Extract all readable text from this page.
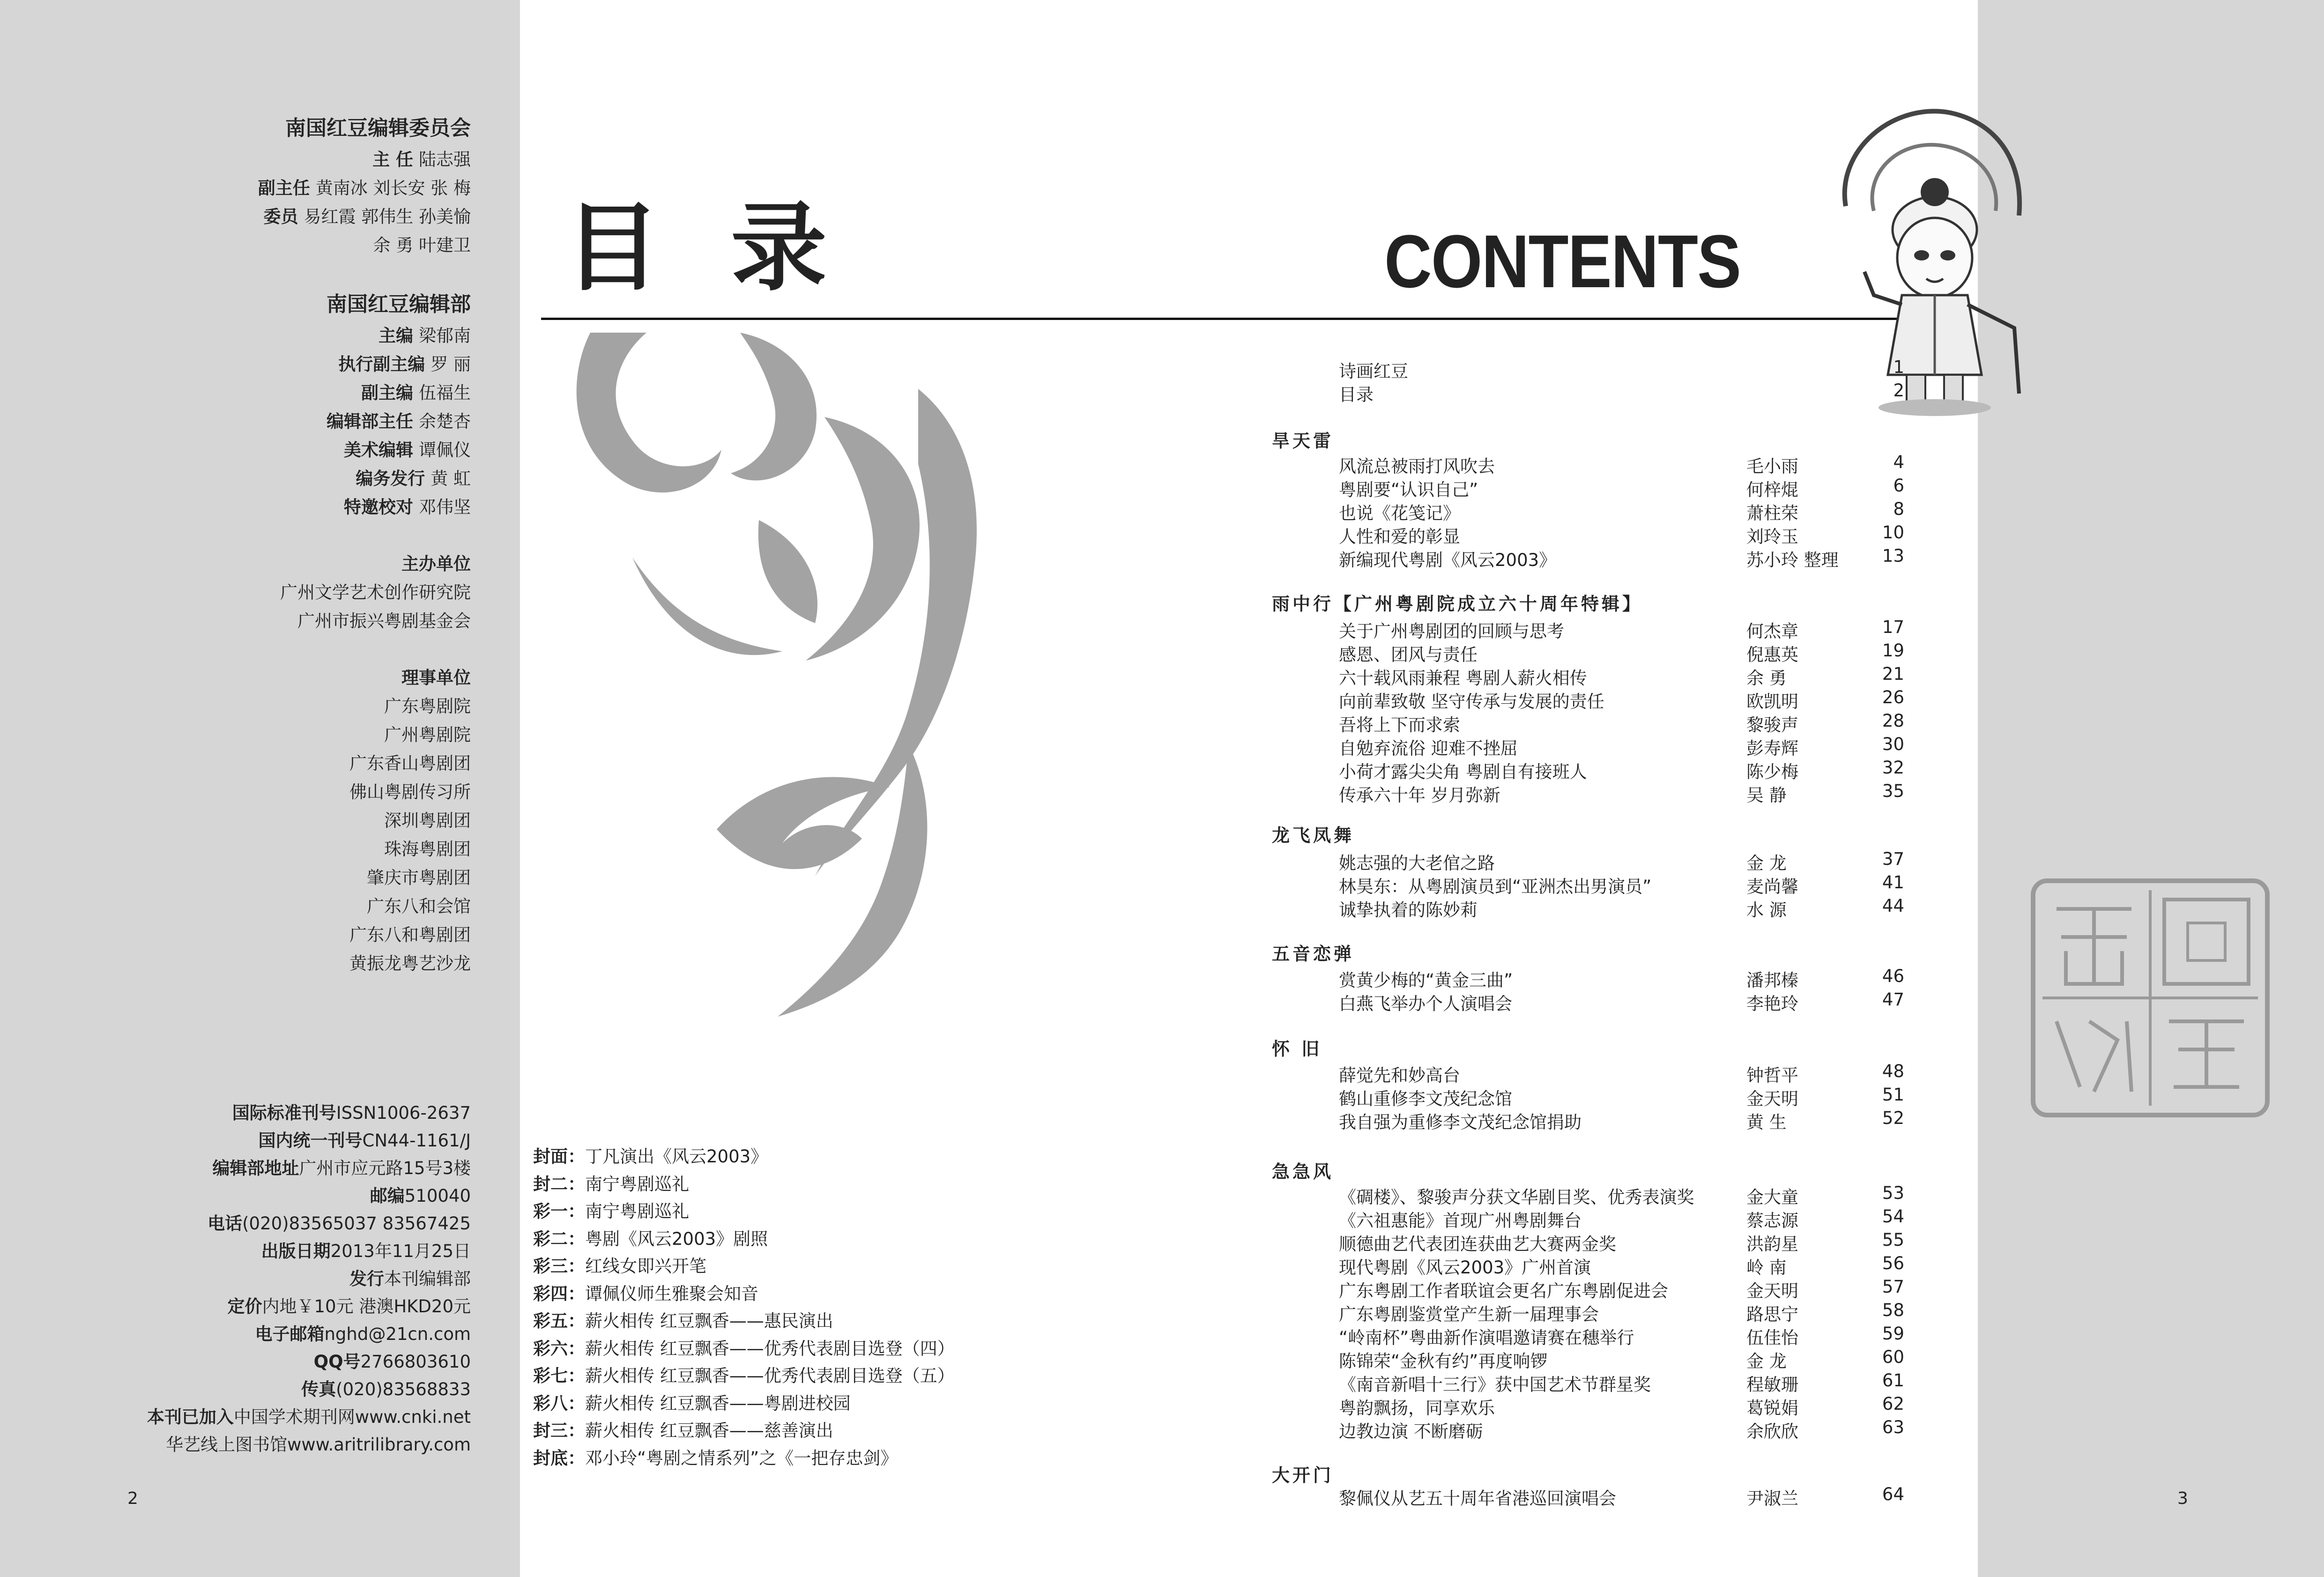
南国红豆编辑委员会
主 任 陆志强
副主任 黄南冰 刘长安 张 梅
委员 易红霞 郭伟生 孙美愉
余 勇 叶建卫
南国红豆编辑部
主编 梁郁南
执行副主编 罗 丽
副主编 伍福生
编辑部主任 余楚杏
美术编辑 谭佩仪
编务发行 黄 虹
特邀校对 邓伟坚
主办单位
广州文学艺术创作研究院
广州市振兴粤剧基金会
理事单位
广东粤剧院
广州粤剧院
广东香山粤剧团
佛山粤剧传习所
深圳粤剧团
珠海粤剧团
肇庆市粤剧团
广东八和会馆
广东八和粤剧团
黄振龙粤艺沙龙
国际标准刊号ISSN1006-2637
国内统一刊号CN44-1161/J
编辑部地址广州市应元路15号3楼
邮编510040
电话(020)83565037 83567425
出版日期2013年11月25日
发行本刊编辑部
定价内地￥10元 港澳HKD20元
电子邮箱nghd@21cn.com
QQ号2766803610
传真(020)83568833
本刊已加入中国学术期刊网www.cnki.net
华艺线上图书馆www.aritrilibrary.com
2	3
目录	CONTENTS
封面：丁凡演出《风云2003》
封二：南宁粤剧巡礼
彩一：南宁粤剧巡礼
彩二：粤剧《风云2003》剧照
彩三：红线女即兴开笔
彩四：谭佩仪师生雅聚会知音
彩五：薪火相传 红豆飘香——惠民演出
彩六：薪火相传 红豆飘香——优秀代表剧目选登（四）
彩七：薪火相传 红豆飘香——优秀代表剧目选登（五）
彩八：薪火相传 红豆飘香——粤剧进校园
封三：薪火相传 红豆飘香——慈善演出
封底：邓小玲“粤剧之情系列”之《一把存忠剑》
诗画红豆	1
目录	2
旱天雷
风流总被雨打风吹去	毛小雨	4
粤剧要“认识自己”	何梓焜	6
也说《花笺记》	萧柱荣	8
人性和爱的彰显	刘玲玉	10
新编现代粤剧《风云2003》	苏小玲 整理	13
雨中行【广州粤剧院成立六十周年特辑】
关于广州粤剧团的回顾与思考	何杰章	17
感恩、团风与责任	倪惠英	19
六十载风雨兼程 粤剧人薪火相传	余 勇	21
向前辈致敬 坚守传承与发展的责任	欧凯明	26
吾将上下而求索	黎骏声	28
自勉弃流俗 迎难不挫屈	彭寿辉	30
小荷才露尖尖角 粤剧自有接班人	陈少梅	32
传承六十年 岁月弥新	吴 静	35
龙飞凤舞
姚志强的大老倌之路	金 龙	37
林昊东：从粤剧演员到“亚洲杰出男演员”	麦尚馨	41
诚挚执着的陈妙莉	水 源	44
五音恋弹
赏黄少梅的“黄金三曲”	潘邦榛	46
白燕飞举办个人演唱会	李艳玲	47
怀 旧
薛觉先和妙高台	钟哲平	48
鹤山重修李文茂纪念馆	金天明	51
我自强为重修李文茂纪念馆捐助	黄 生	52
急急风
《碉楼》、黎骏声分获文华剧目奖、优秀表演奖	金大童	53
《六祖惠能》首现广州粤剧舞台	蔡志源	54
顺德曲艺代表团连获曲艺大赛两金奖	洪韵星	55
现代粤剧《风云2003》广州首演	岭 南	56
广东粤剧工作者联谊会更名广东粤剧促进会	金天明	57
广东粤剧鉴赏堂产生新一届理事会	路思宁	58
“岭南杯”粤曲新作演唱邀请赛在穗举行	伍佳怡	59
陈锦荣“金秋有约”再度响锣	金 龙	60
《南音新唱十三行》获中国艺术节群星奖	程敏珊	61
粤韵飘扬，同享欢乐	葛锐娟	62
边教边演 不断磨砺	余欣欣	63
大开门
黎佩仪从艺五十周年省港巡回演唱会	尹淑兰	64
